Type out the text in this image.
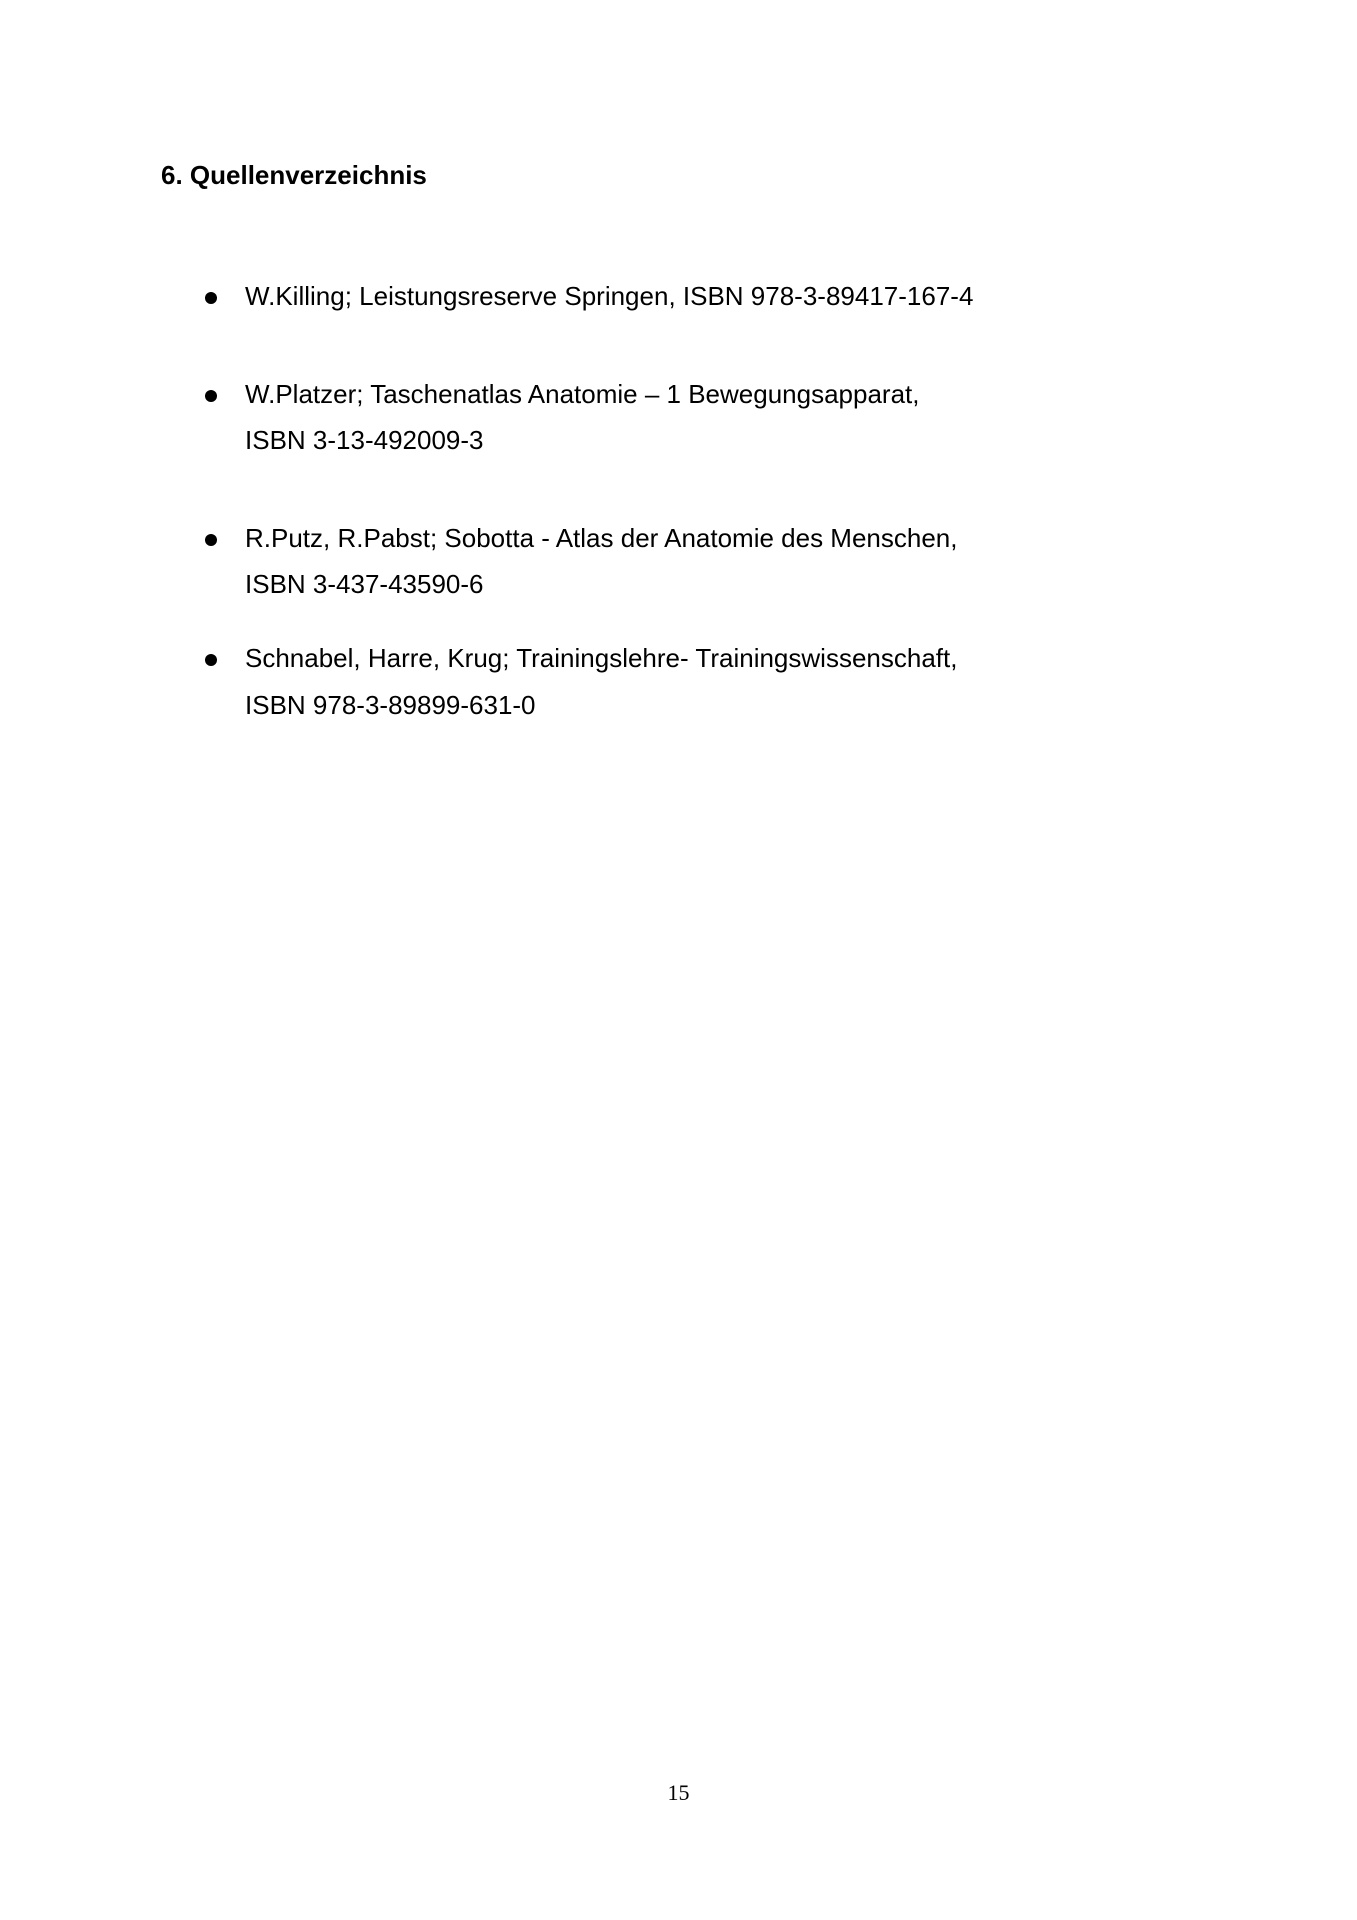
6. Quellenverzeichnis
W.Killing; Leistungsreserve Springen, ISBN 978-3-89417-167-4
W.Platzer; Taschenatlas Anatomie – 1 Bewegungsapparat,
ISBN 3-13-492009-3
R.Putz, R.Pabst; Sobotta - Atlas der Anatomie des Menschen,
ISBN 3-437-43590-6
Schnabel, Harre, Krug; Trainingslehre- Trainingswissenschaft,
ISBN 978-3-89899-631-0
15
